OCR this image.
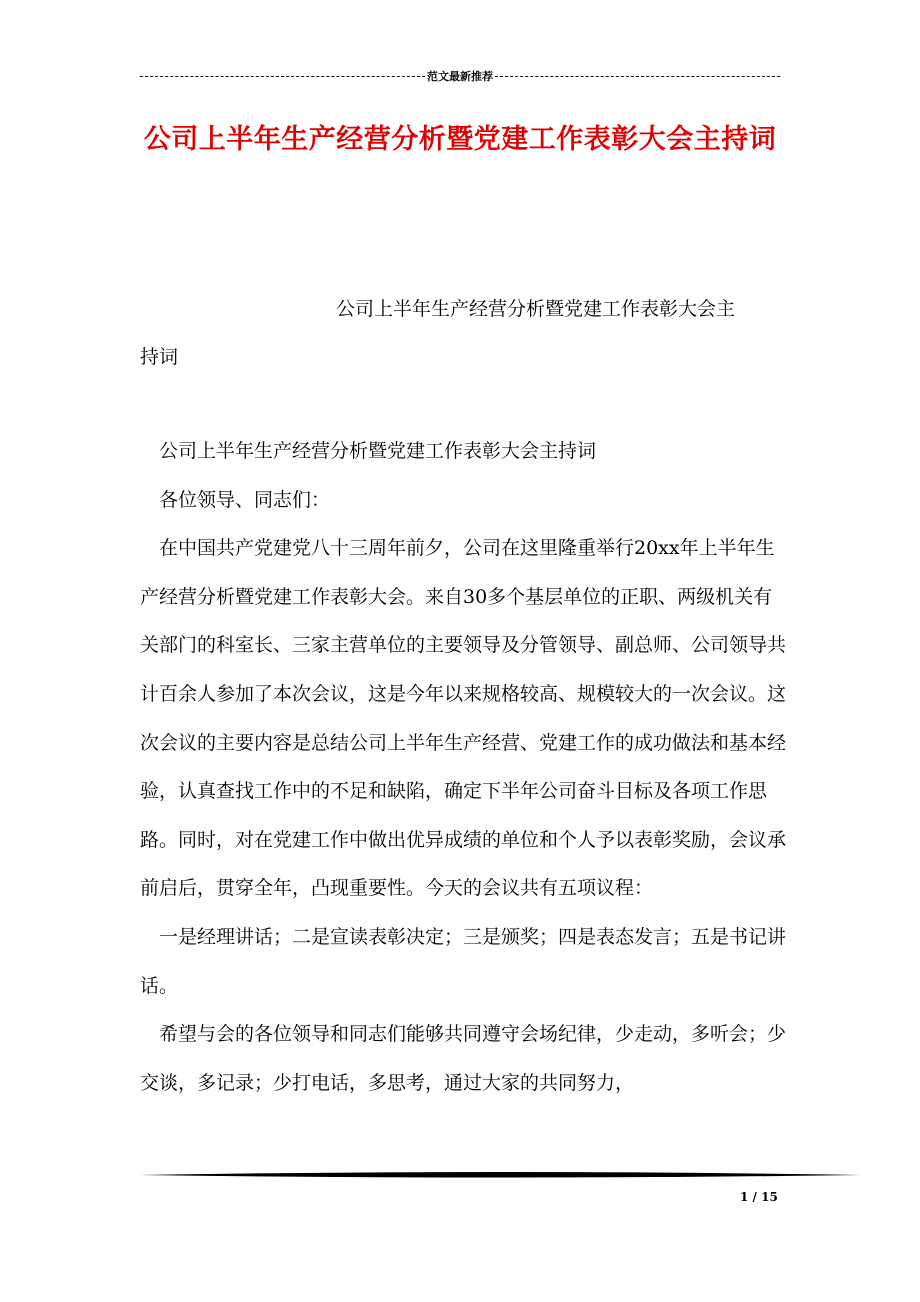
范文最新推荐
公司上半年生产经营分析暨党建工作表彰大会主持词
公司上半年生产经营分析暨党建工作表彰大会主
持词

公司上半年生产经营分析暨党建工作表彰大会主持词

各位领导、同志们：

在中国共产党建党八十三周年前夕，公司在这里隆重举行20xx年上半年生产经营分析暨党建工作表彰大会。来自30多个基层单位的正职、两级机关有关部门的科室长、三家主营单位的主要领导及分管领导、副总师、公司领导共计百余人参加了本次会议，这是今年以来规格较高、规模较大的一次会议。这次会议的主要内容是总结公司上半年生产经营、党建工作的成功做法和基本经验，认真查找工作中的不足和缺陷，确定下半年公司奋斗目标及各项工作思路。同时，对在党建工作中做出优异成绩的单位和个人予以表彰奖励，会议承前启后，贯穿全年，凸现重要性。今天的会议共有五项议程：

一是经理讲话；二是宣读表彰决定；三是颁奖；四是表态发言；五是书记讲话。

希望与会的各位领导和同志们能够共同遵守会场纪律，少走动，多听会；少交谈，多记录；少打电话，多思考，通过大家的共同努力，

1 / 15
